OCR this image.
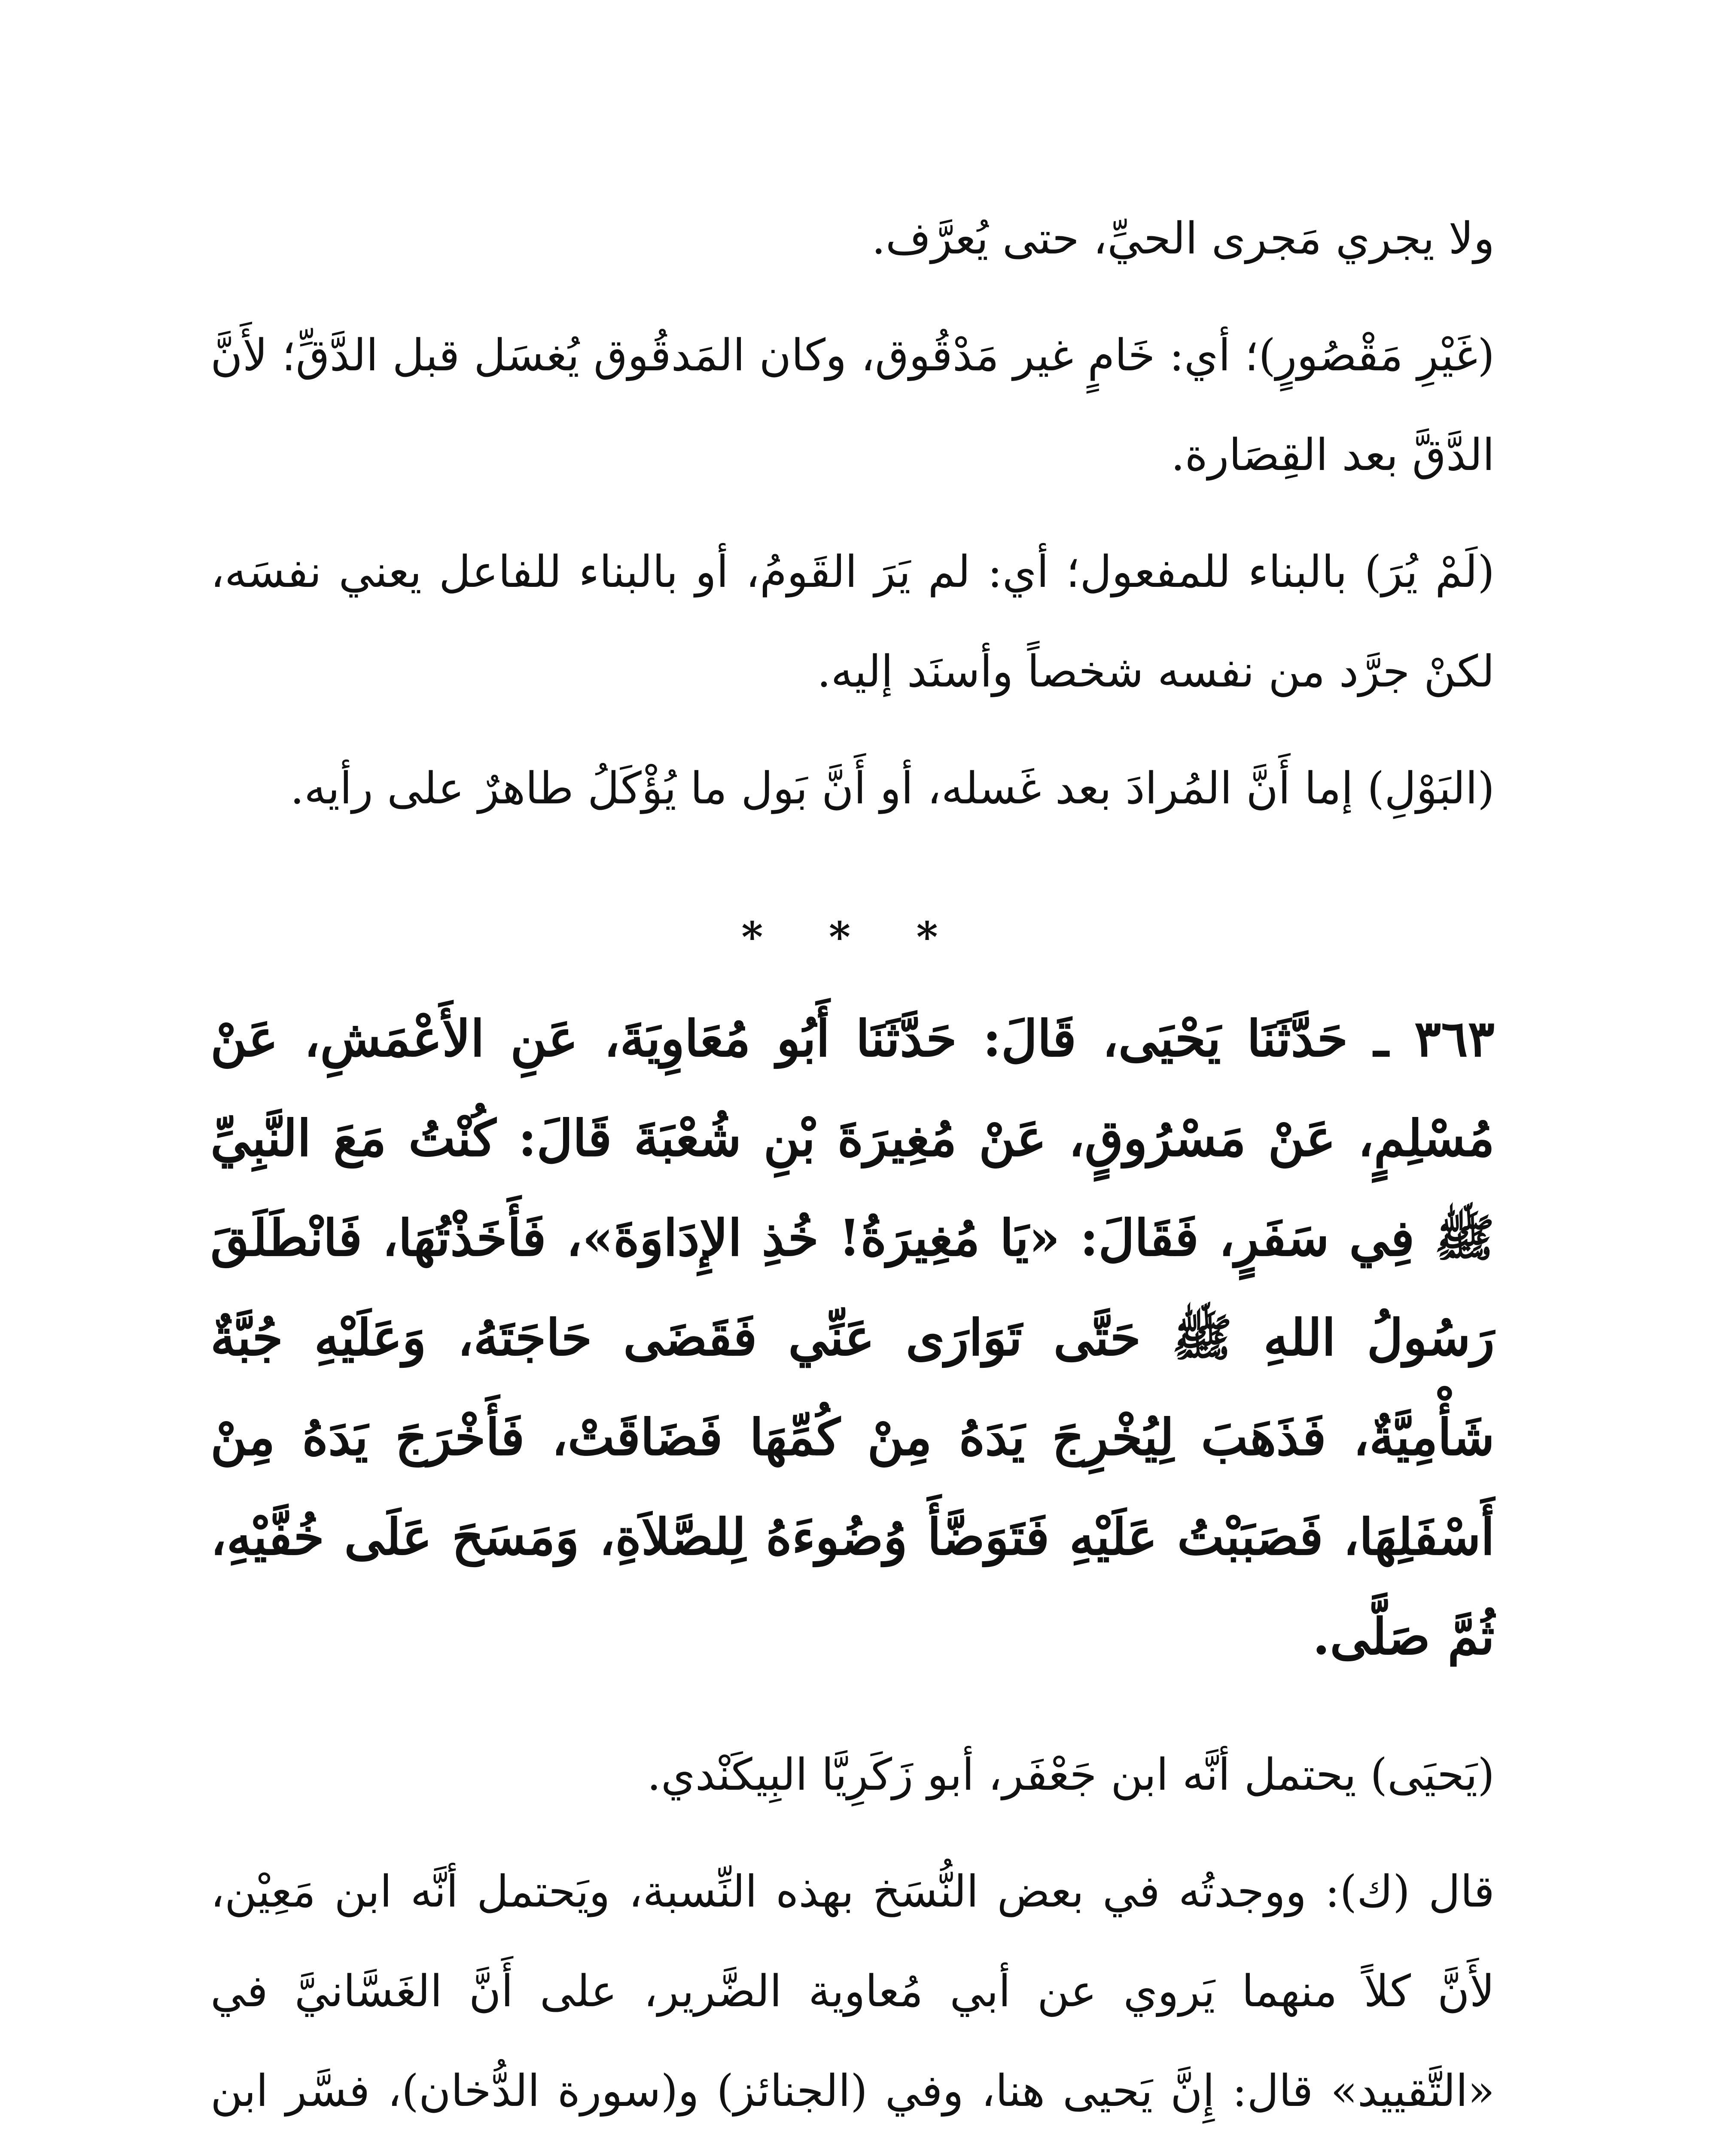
ولا يجري مَجرى الحيِّ، حتى يُعرَّف.

(غَيْرِ مَقْصُورٍ)؛ أي: خَامٍ غير مَدْقُوق، وكان المَدقُوق يُغسَل قبل الدَّقِّ؛ لأَنَّ الدَّقَّ بعد القِصَارة.

(لَمْ يُرَ) بالبناء للمفعول؛ أي: لم يَرَ القَومُ، أو بالبناء للفاعل يعني نفسَه، لكنْ جرَّد من نفسه شخصاً وأسنَد إليه.

(البَوْلِ) إما أَنَّ المُرادَ بعد غَسله، أو أَنَّ بَول ما يُؤْكَلُ طاهرٌ على رأيه.

* * *

٣٦٣ ـ حَدَّثَنَا يَحْيَى، قَالَ: حَدَّثَنَا أَبُو مُعَاوِيَةَ، عَنِ الأَعْمَشِ، عَنْ مُسْلِمٍ، عَنْ مَسْرُوقٍ، عَنْ مُغِيرَةَ بْنِ شُعْبَةَ قَالَ: كُنْتُ مَعَ النَّبِيِّ ﷺ فِي سَفَرٍ، فَقَالَ: «يَا مُغِيرَةُ! خُذِ الإِدَاوَةَ»، فَأَخَذْتُهَا، فَانْطَلَقَ رَسُولُ اللهِ ﷺ حَتَّى تَوَارَى عَنِّي فَقَضَى حَاجَتَهُ، وَعَلَيْهِ جُبَّةٌ شَأْمِيَّةٌ، فَذَهَبَ لِيُخْرِجَ يَدَهُ مِنْ كُمِّهَا فَضَاقَتْ، فَأَخْرَجَ يَدَهُ مِنْ أَسْفَلِهَا، فَصَبَبْتُ عَلَيْهِ فَتَوَضَّأَ وُضُوءَهُ لِلصَّلاَةِ، وَمَسَحَ عَلَى خُفَّيْهِ، ثُمَّ صَلَّى.

(يَحيَى) يحتمل أنَّه ابن جَعْفَر، أبو زَكَرِيَّا البِيكَنْدي.

قال (ك): ووجدتُه في بعض النُّسَخ بهذه النِّسبة، ويَحتمل أنَّه ابن مَعِيْن، لأَنَّ كلاً منهما يَروي عن أبي مُعاوية الضَّرير، على أَنَّ الغَسَّانيَّ في «التَّقييد» قال: إِنَّ يَحيى هنا، وفي (الجنائز) و(سورة الدُّخان)، فسَّر ابن
